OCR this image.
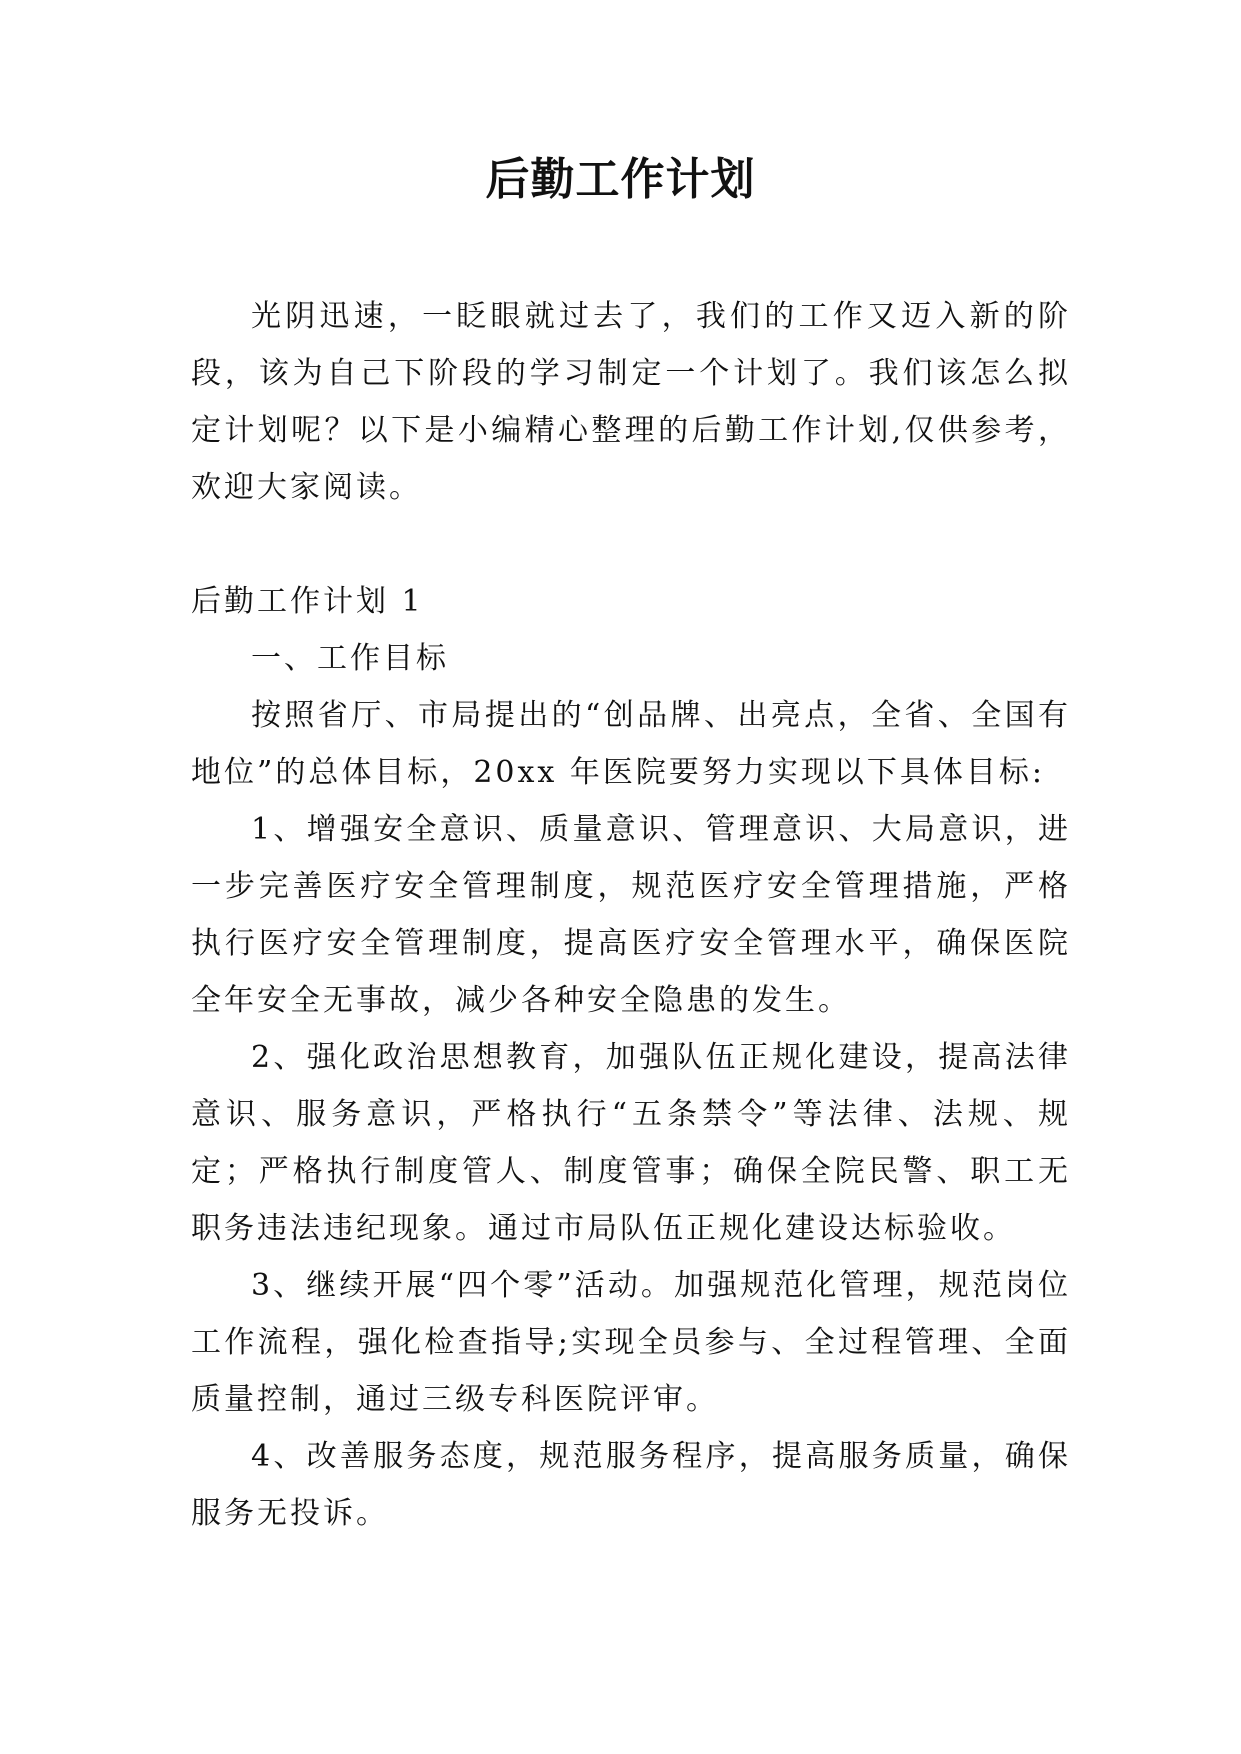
后勤工作计划

光阴迅速，一眨眼就过去了，我们的工作又迈入新的阶段，该为自己下阶段的学习制定一个计划了。我们该怎么拟定计划呢？以下是小编精心整理的后勤工作计划,仅供参考，欢迎大家阅读。

后勤工作计划 1

一、工作目标

按照省厅、市局提出的“创品牌、出亮点，全省、全国有地位”的总体目标，20xx 年医院要努力实现以下具体目标:

1、增强安全意识、质量意识、管理意识、大局意识，进一步完善医疗安全管理制度，规范医疗安全管理措施，严格执行医疗安全管理制度，提高医疗安全管理水平，确保医院全年安全无事故，减少各种安全隐患的发生。

2、强化政治思想教育，加强队伍正规化建设，提高法律意识、服务意识，严格执行“五条禁令”等法律、法规、规定；严格执行制度管人、制度管事；确保全院民警、职工无职务违法违纪现象。通过市局队伍正规化建设达标验收。

3、继续开展“四个零”活动。加强规范化管理，规范岗位工作流程，强化检查指导;实现全员参与、全过程管理、全面质量控制，通过三级专科医院评审。

4、改善服务态度，规范服务程序，提高服务质量，确保服务无投诉。
